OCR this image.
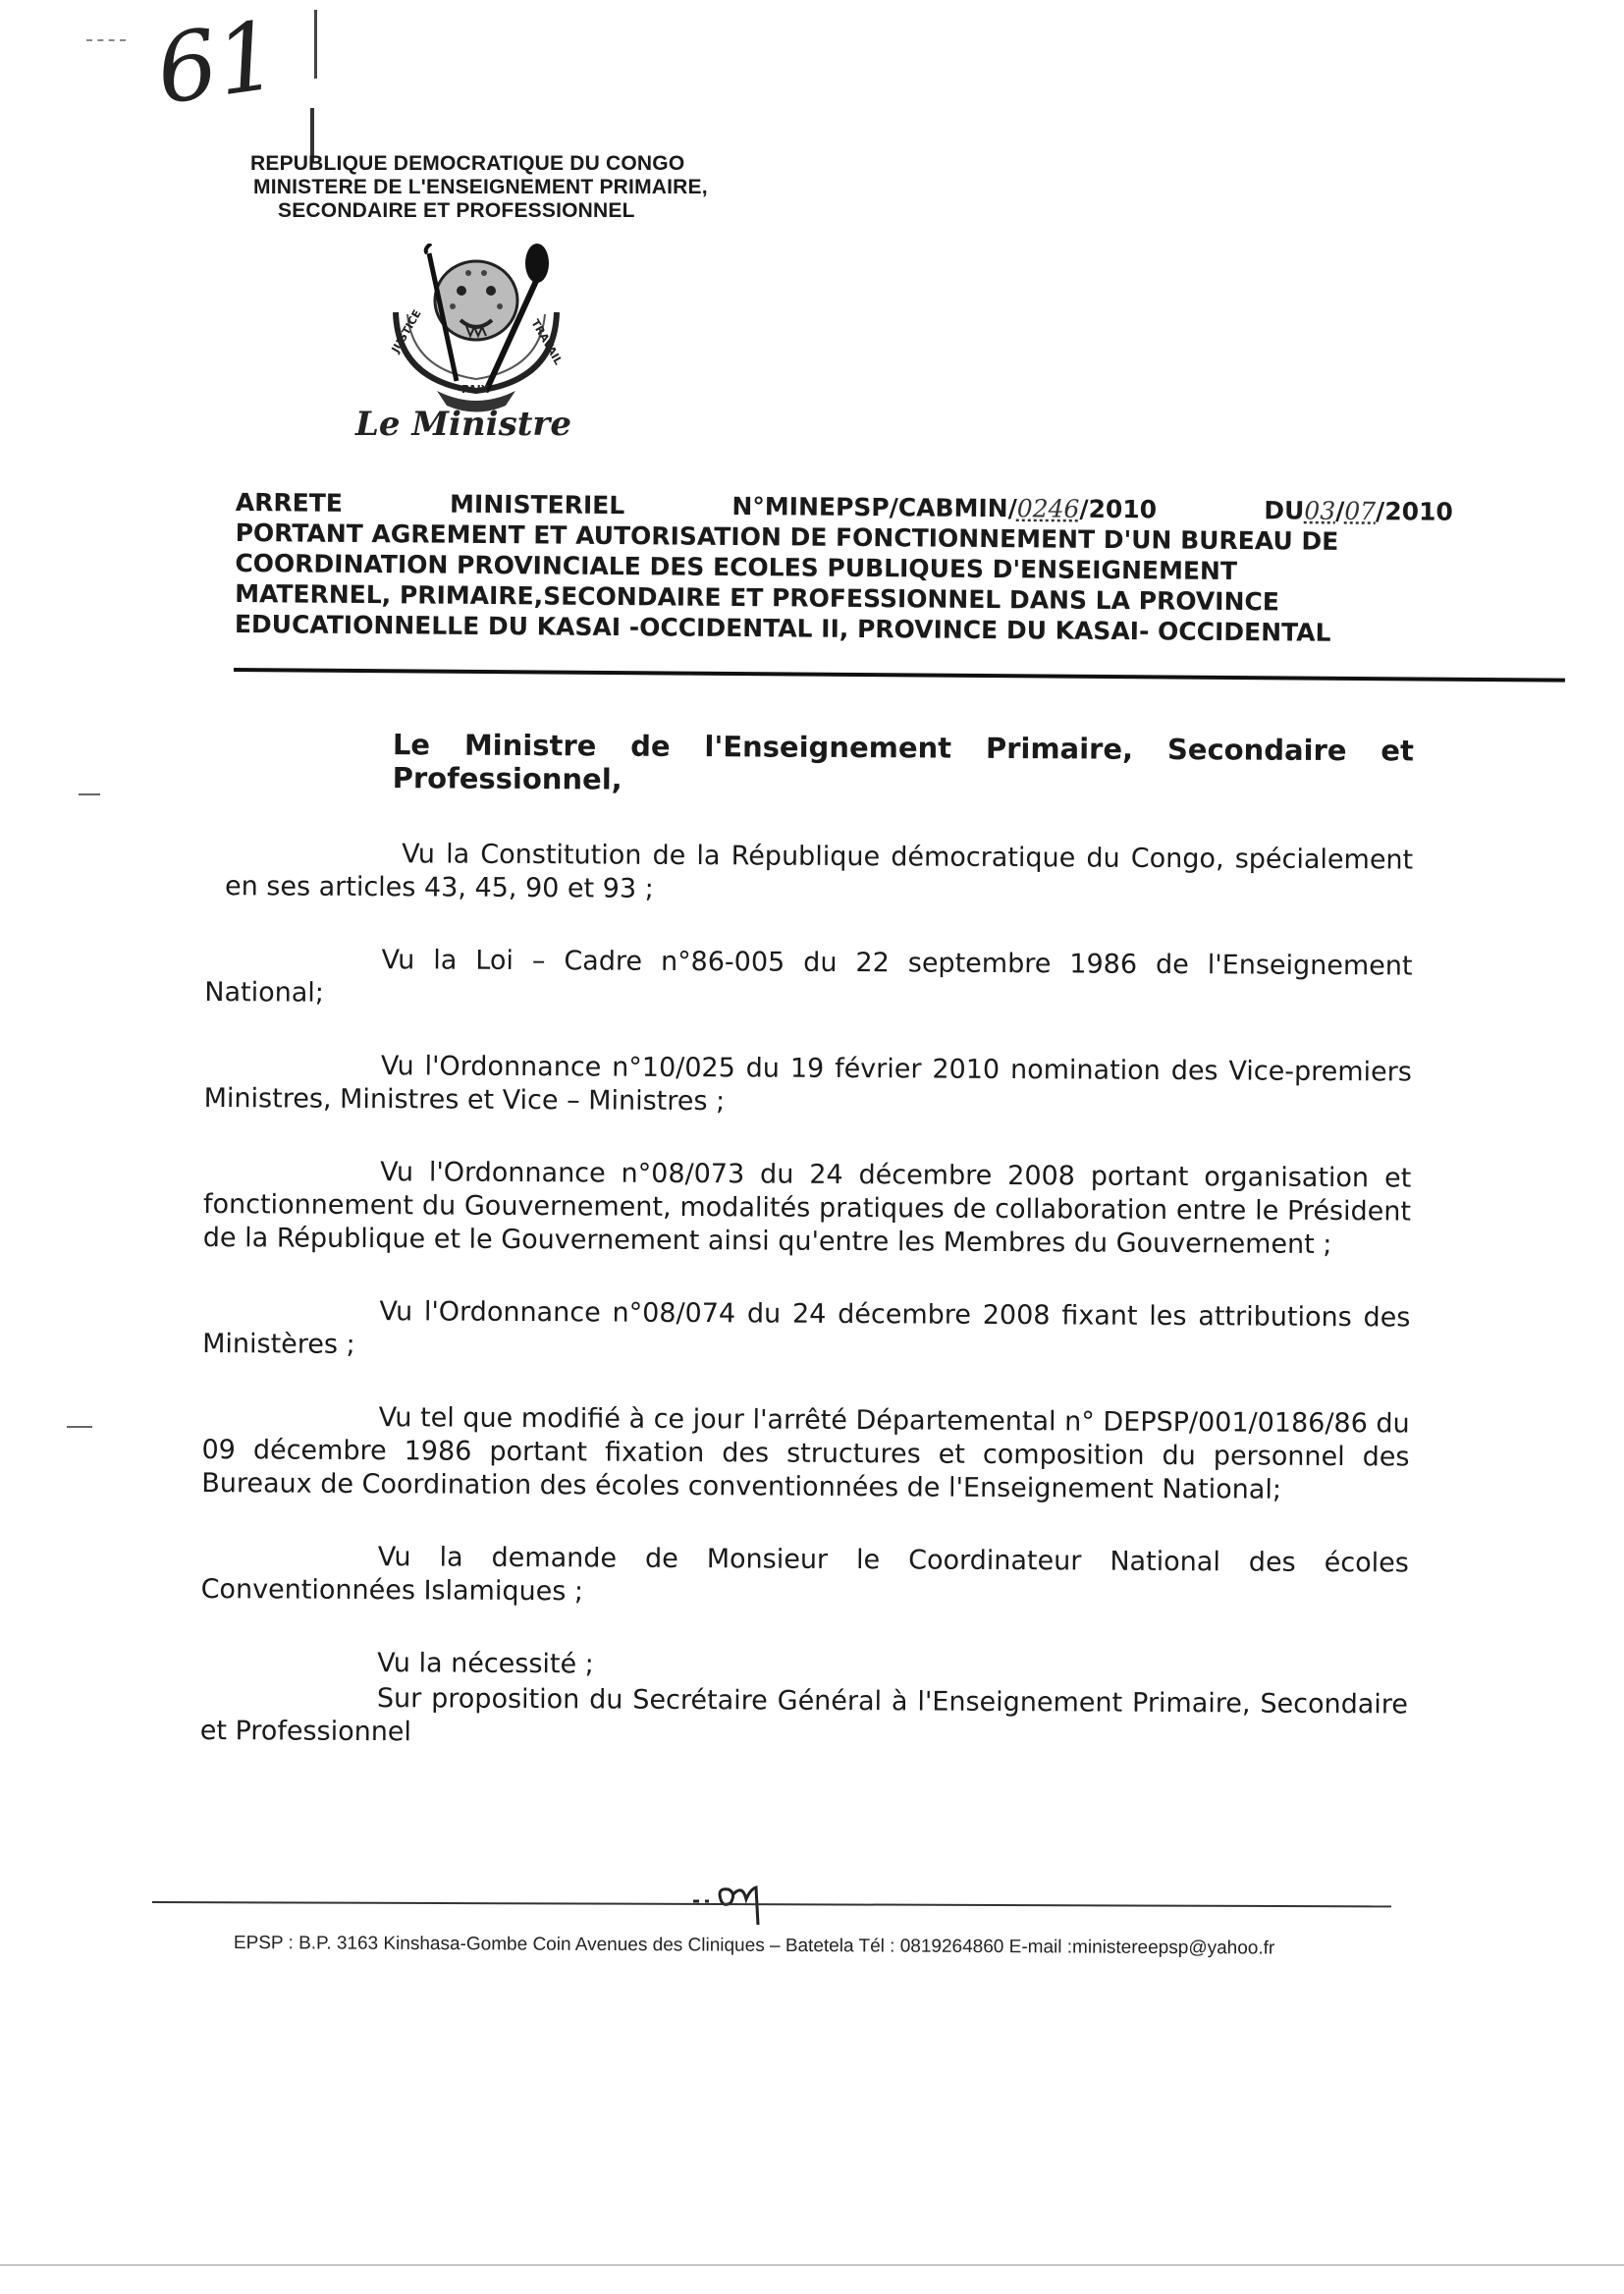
61
REPUBLIQUE DEMOCRATIQUE DU CONGO
MINISTERE DE L'ENSEIGNEMENT PRIMAIRE,
SECONDAIRE ET PROFESSIONNEL
JUSTICE
PAIX
TRAVAIL
Le Ministre
ARRETE	MINISTERIEL	N°MINEPSP/CABMIN/0246/2010	DU03/07/2010
PORTANT AGREMENT ET AUTORISATION DE FONCTIONNEMENT D'UN BUREAU DE
COORDINATION PROVINCIALE DES ECOLES PUBLIQUES D'ENSEIGNEMENT
MATERNEL, PRIMAIRE,SECONDAIRE ET PROFESSIONNEL DANS LA PROVINCE
EDUCATIONNELLE DU KASAI -OCCIDENTAL II, PROVINCE DU KASAI- OCCIDENTAL
Le Ministre de l'Enseignement Primaire, Secondaire et Professionnel,

Vu la Constitution de la République démocratique du Congo, spécialement en ses articles 43, 45, 90 et 93 ;

Vu la Loi – Cadre n°86-005 du 22 septembre 1986 de l'Enseignement National;

Vu l'Ordonnance n°10/025 du 19 février 2010 nomination des Vice-premiers Ministres, Ministres et Vice – Ministres ;

Vu l'Ordonnance n°08/073 du 24 décembre 2008 portant organisation et fonctionnement du Gouvernement, modalités pratiques de collaboration entre le Président de la République et le Gouvernement ainsi qu'entre les Membres du Gouvernement ;

Vu l'Ordonnance n°08/074 du 24 décembre 2008 fixant les attributions des Ministères ;

Vu tel que modifié à ce jour l'arrêté Départemental n° DEPSP/001/0186/86 du 09 décembre 1986 portant fixation des structures et composition du personnel des Bureaux de Coordination des écoles conventionnées de l'Enseignement National;

Vu la demande de Monsieur le Coordinateur National des écoles Conventionnées Islamiques ;

Vu la nécessité ;

Sur proposition du Secrétaire Général à l'Enseignement Primaire, Secondaire et Professionnel

EPSP : B.P. 3163 Kinshasa-Gombe Coin Avenues des Cliniques – Batetela Tél : 0819264860 E-mail :ministereepsp@yahoo.fr
